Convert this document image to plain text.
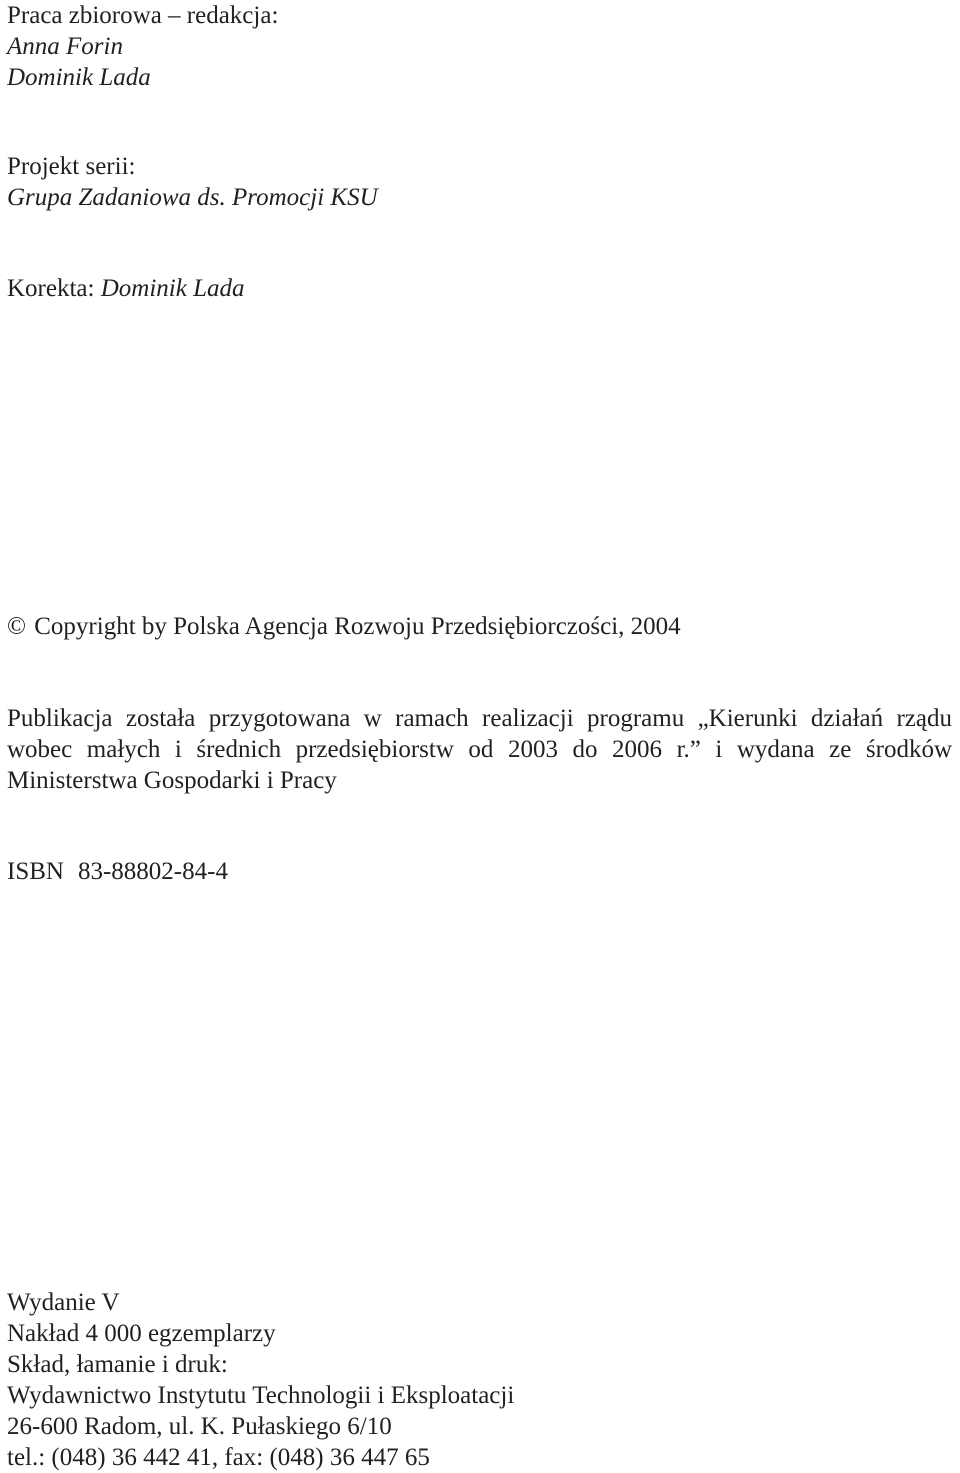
Praca zbiorowa – redakcja:
Anna Forin
Dominik Lada
Projekt serii:
Grupa Zadaniowa ds. Promocji KSU
Korekta: Dominik Lada
© Copyright by Polska Agencja Rozwoju Przedsiębiorczości, 2004

Publikacja została przygotowana w ramach realizacji programu „Kierunki działań rządu wobec małych i średnich przedsiębiorstw od 2003 do 2006 r.” i wydana ze środków Ministerstwa Gospodarki i Pracy

ISBN 83-88802-84-4
Wydanie V
Nakład 4 000 egzemplarzy
Skład, łamanie i druk:
Wydawnictwo Instytutu Technologii i Eksploatacji
26-600 Radom, ul. K. Pułaskiego 6/10
tel.: (048) 36 442 41, fax: (048) 36 447 65
